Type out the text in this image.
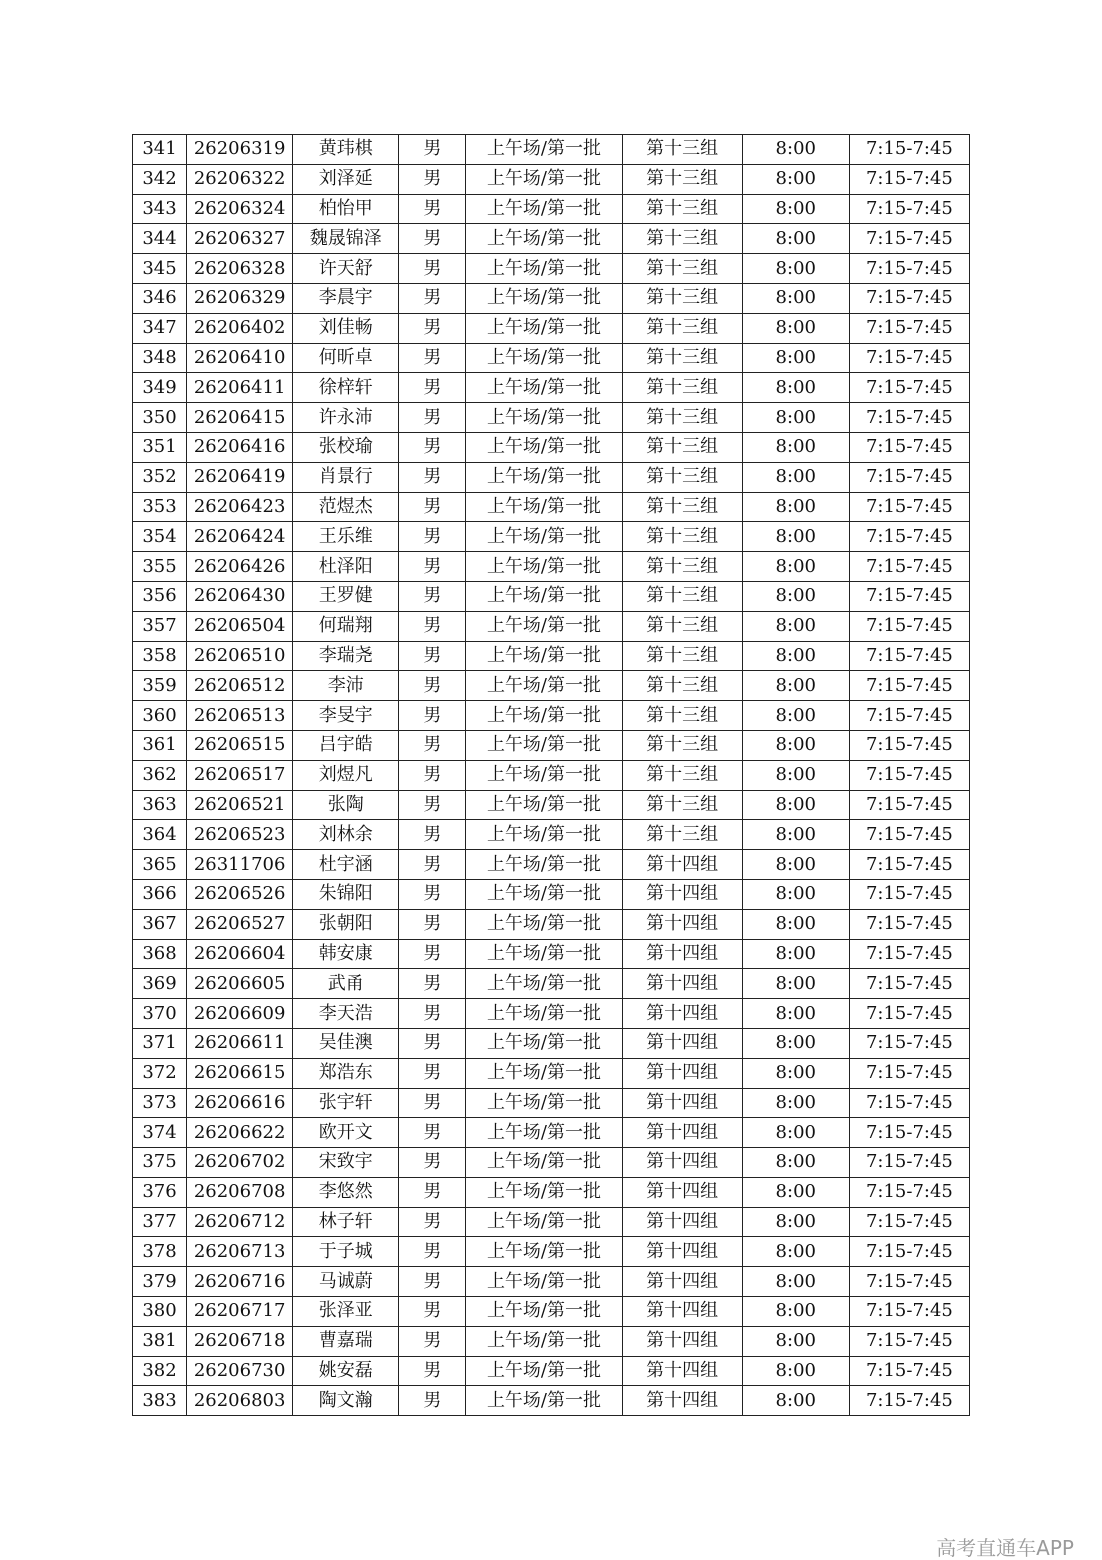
341	26206319	黄玮棋	男	上午场/第一批	第十三组	8:00	7:15-7:45
342	26206322	刘泽延	男	上午场/第一批	第十三组	8:00	7:15-7:45
343	26206324	柏怡甲	男	上午场/第一批	第十三组	8:00	7:15-7:45
344	26206327	魏晟锦泽	男	上午场/第一批	第十三组	8:00	7:15-7:45
345	26206328	许天舒	男	上午场/第一批	第十三组	8:00	7:15-7:45
346	26206329	李晨宇	男	上午场/第一批	第十三组	8:00	7:15-7:45
347	26206402	刘佳畅	男	上午场/第一批	第十三组	8:00	7:15-7:45
348	26206410	何昕卓	男	上午场/第一批	第十三组	8:00	7:15-7:45
349	26206411	徐梓轩	男	上午场/第一批	第十三组	8:00	7:15-7:45
350	26206415	许永沛	男	上午场/第一批	第十三组	8:00	7:15-7:45
351	26206416	张校瑜	男	上午场/第一批	第十三组	8:00	7:15-7:45
352	26206419	肖景行	男	上午场/第一批	第十三组	8:00	7:15-7:45
353	26206423	范煜杰	男	上午场/第一批	第十三组	8:00	7:15-7:45
354	26206424	王乐维	男	上午场/第一批	第十三组	8:00	7:15-7:45
355	26206426	杜泽阳	男	上午场/第一批	第十三组	8:00	7:15-7:45
356	26206430	王罗健	男	上午场/第一批	第十三组	8:00	7:15-7:45
357	26206504	何瑞翔	男	上午场/第一批	第十三组	8:00	7:15-7:45
358	26206510	李瑞尧	男	上午场/第一批	第十三组	8:00	7:15-7:45
359	26206512	李沛	男	上午场/第一批	第十三组	8:00	7:15-7:45
360	26206513	李旻宇	男	上午场/第一批	第十三组	8:00	7:15-7:45
361	26206515	吕宇皓	男	上午场/第一批	第十三组	8:00	7:15-7:45
362	26206517	刘煜凡	男	上午场/第一批	第十三组	8:00	7:15-7:45
363	26206521	张陶	男	上午场/第一批	第十三组	8:00	7:15-7:45
364	26206523	刘林余	男	上午场/第一批	第十三组	8:00	7:15-7:45
365	26311706	杜宇涵	男	上午场/第一批	第十四组	8:00	7:15-7:45
366	26206526	朱锦阳	男	上午场/第一批	第十四组	8:00	7:15-7:45
367	26206527	张朝阳	男	上午场/第一批	第十四组	8:00	7:15-7:45
368	26206604	韩安康	男	上午场/第一批	第十四组	8:00	7:15-7:45
369	26206605	武甬	男	上午场/第一批	第十四组	8:00	7:15-7:45
370	26206609	李天浩	男	上午场/第一批	第十四组	8:00	7:15-7:45
371	26206611	吴佳澳	男	上午场/第一批	第十四组	8:00	7:15-7:45
372	26206615	郑浩东	男	上午场/第一批	第十四组	8:00	7:15-7:45
373	26206616	张宇轩	男	上午场/第一批	第十四组	8:00	7:15-7:45
374	26206622	欧开文	男	上午场/第一批	第十四组	8:00	7:15-7:45
375	26206702	宋致宇	男	上午场/第一批	第十四组	8:00	7:15-7:45
376	26206708	李悠然	男	上午场/第一批	第十四组	8:00	7:15-7:45
377	26206712	林子轩	男	上午场/第一批	第十四组	8:00	7:15-7:45
378	26206713	于子城	男	上午场/第一批	第十四组	8:00	7:15-7:45
379	26206716	马诚蔚	男	上午场/第一批	第十四组	8:00	7:15-7:45
380	26206717	张泽亚	男	上午场/第一批	第十四组	8:00	7:15-7:45
381	26206718	曹嘉瑞	男	上午场/第一批	第十四组	8:00	7:15-7:45
382	26206730	姚安磊	男	上午场/第一批	第十四组	8:00	7:15-7:45
383	26206803	陶文瀚	男	上午场/第一批	第十四组	8:00	7:15-7:45
高考直通车APP
